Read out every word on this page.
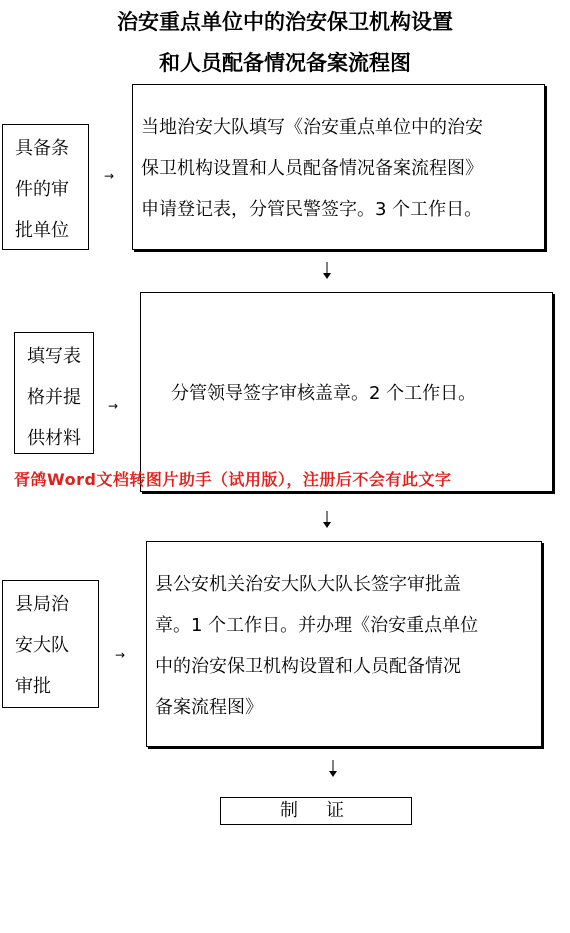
治安重点单位中的治安保卫机构设置
和人员配备情况备案流程图
具备条
件的审
批单位
→
当地治安大队填写《治安重点单位中的治安
保卫机构设置和人员配备情况备案流程图》
申请登记表，分管民警签字。3 个工作日。
填写表
格并提
供材料
→
分管领导签字审核盖章。2 个工作日。
胥鸽Word文档转图片助手（试用版），注册后不会有此文字
县局治
安大队
审批
→
县公安机关治安大队大队长签字审批盖
章。1 个工作日。并办理《治安重点单位
中的治安保卫机构设置和人员配备情况
备案流程图》
制证
